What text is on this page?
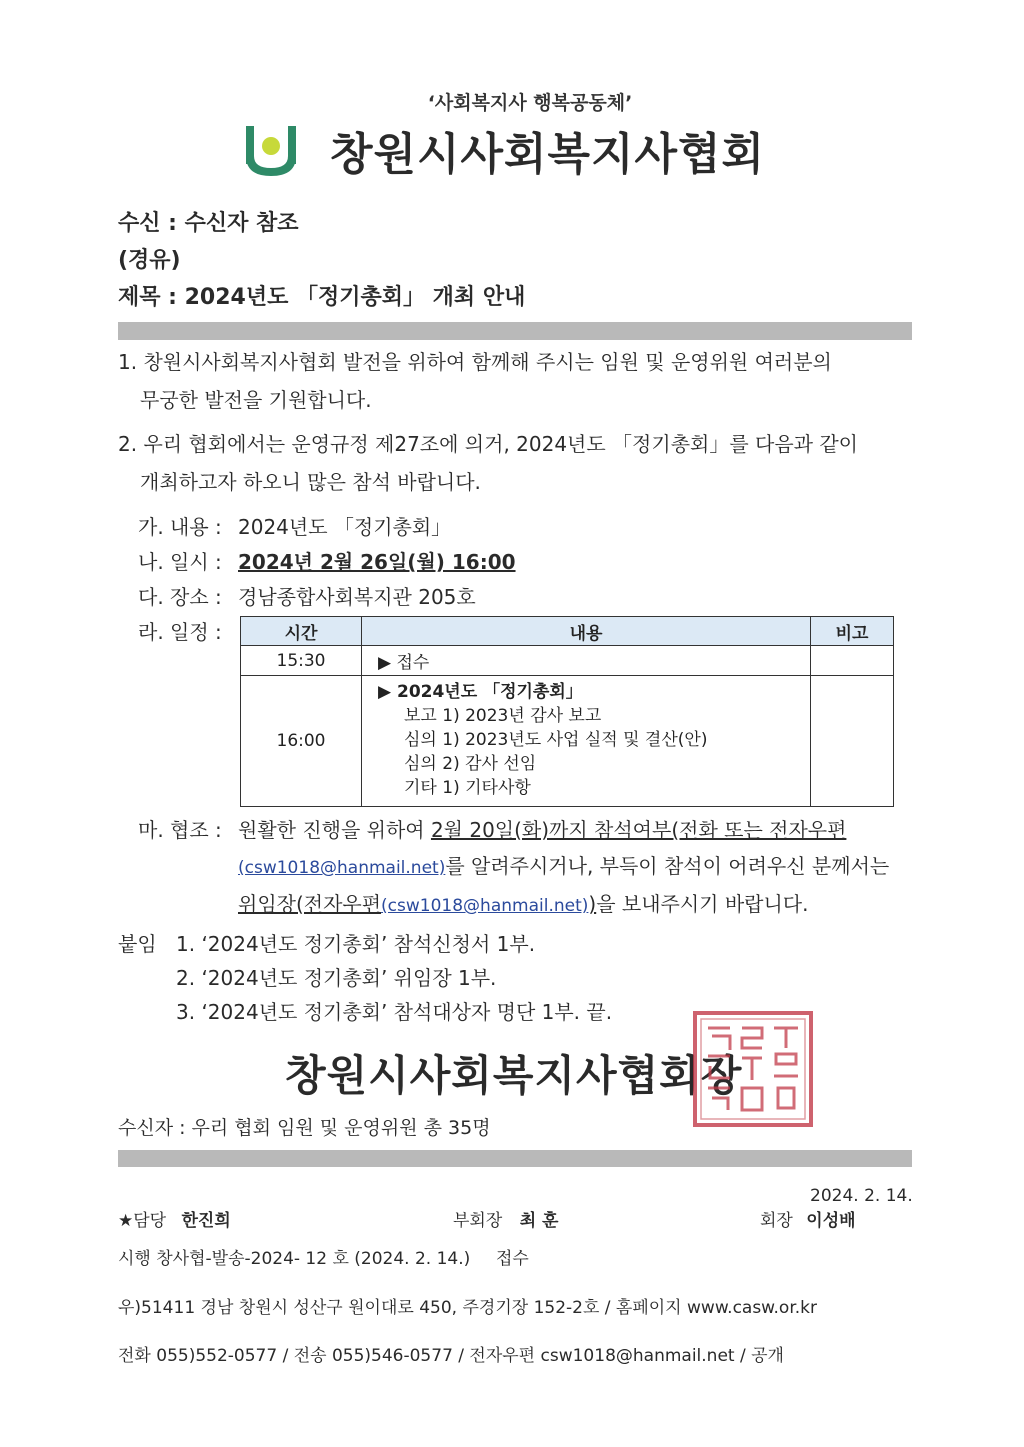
‘사회복지사 행복공동체’
창원시사회복지사협회
수신 : 수신자 참조
(경유)
제목 : 2024년도 「정기총회」 개최 안내
1. 창원시사회복지사협회 발전을 위하여 함께해 주시는 임원 및 운영위원 여러분의
무궁한 발전을 기원합니다.
2. 우리 협회에서는 운영규정 제27조에 의거, 2024년도 「정기총회」를 다음과 같이
개최하고자 하오니 많은 참석 바랍니다.
가. 내용 : 2024년도 「정기총회」
나. 일시 : 2024년 2월 26일(월) 16:00
다. 장소 : 경남종합사회복지관 205호
라. 일정 :	시간	내용	비고
15:30	▶ 접수	
16:00	▶ 2024년도 「정기총회」
보고 1) 2023년 감사 보고
심의 1) 2023년도 사업 실적 및 결산(안)
심의 2) 감사 선임
기타 1) 기타사항	

마. 협조 : 원활한 진행을 위하여 2월 20일(화)까지 참석여부(전화 또는 전자우편
(csw1018@hanmail.net)를 알려주시거나, 부득이 참석이 어려우신 분께서는
위임장(전자우편(csw1018@hanmail.net))을 보내주시기 바랍니다.
붙임 1. ‘2024년도 정기총회’ 참석신청서 1부.
2. ‘2024년도 정기총회’ 위임장 1부.
3. ‘2024년도 정기총회’ 참석대상자 명단 1부. 끝.
창원시사회복지사협회장
수신자 : 우리 협회 임원 및 운영위원 총 35명
2024. 2. 14.
★담당 한진희	부회장 최 훈	회장 이성배
시행 창사협-발송-2024- 12 호 (2024. 2. 14.) 접수
우)51411 경남 창원시 성산구 원이대로 450, 주경기장 152-2호 / 홈페이지 www.casw.or.kr
전화 055)552-0577 / 전송 055)546-0577 / 전자우편 csw1018@hanmail.net / 공개
